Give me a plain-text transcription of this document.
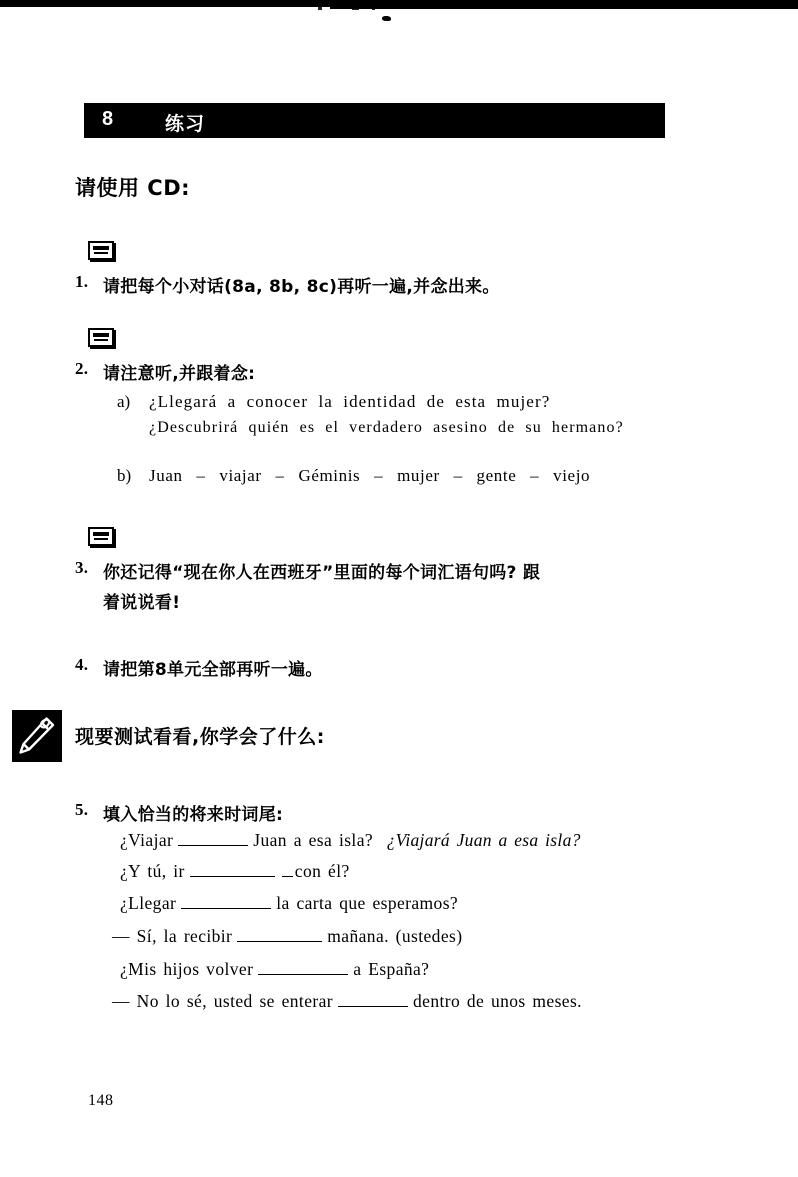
8	练习
请使用 CD:
1. 请把每个小对话(8a, 8b, 8c)再听一遍,并念出来。
2. 请注意听,并跟着念:
a) ¿Llegará a conocer la identidad de esta mujer?
¿Descubrirá quién es el verdadero asesino de su hermano?
b) Juan – viajar – Géminis – mujer – gente – viejo
3. 你还记得“现在你人在西班牙”里面的每个词汇语句吗? 跟
着说说看!
4. 请把第8单元全部再听一遍。
现要测试看看,你学会了什么:
5. 填入恰当的将来时词尾:
¿Viajar	Juan a esa isla? ¿Viajará Juan a esa isla?
¿Y tú, ir	con él?
¿Llegar	la carta que esperamos?
— Sí, la recibir	mañana. (ustedes)
¿Mis hijos volver	a España?
— No lo sé, usted se enterar	dentro de unos meses.
148
